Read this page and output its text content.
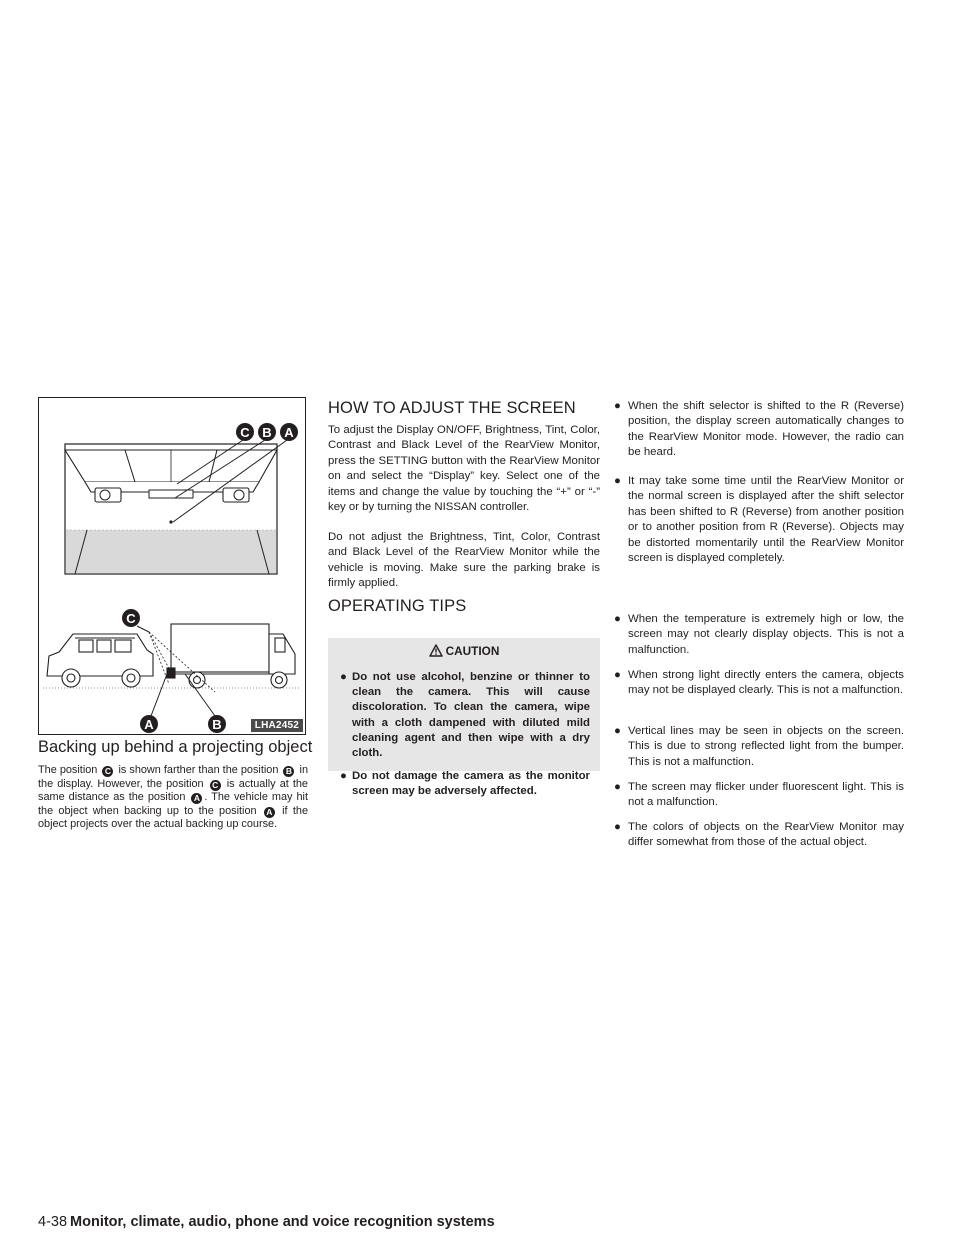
C B A
C
A	B	LHA2452
Backing up behind a projecting object
The position C is shown farther than the position B in the display. However, the position C is actually at the same distance as the position A . The vehicle may hit the object when backing up to the position A if the object projects over the actual backing up course.
HOW TO ADJUST THE SCREEN

To adjust the Display ON/OFF, Brightness, Tint, Color, Contrast and Black Level of the RearView Monitor, press the SETTING button with the RearView Monitor on and select the “Display” key. Select one of the items and change the value by touching the “+” or “-” key or by turning the NISSAN controller.

Do not adjust the Brightness, Tint, Color, Contrast and Black Level of the RearView Monitor while the vehicle is moving. Make sure the parking brake is firmly applied.

OPERATING TIPS
CAUTION
● Do not use alcohol, benzine or thinner to clean the camera. This will cause discoloration. To clean the camera, wipe with a cloth dampened with diluted mild cleaning agent and then wipe with a dry cloth.
● Do not damage the camera as the monitor screen may be adversely affected.
● When the shift selector is shifted to the R (Reverse) position, the display screen automatically changes to the RearView Monitor mode. However, the radio can be heard.
● It may take some time until the RearView Monitor or the normal screen is displayed after the shift selector has been shifted to R (Reverse) from another position or to another position from R (Reverse). Objects may be distorted momentarily until the RearView Monitor screen is displayed completely.
● When the temperature is extremely high or low, the screen may not clearly display objects. This is not a malfunction.
● When strong light directly enters the camera, objects may not be displayed clearly. This is not a malfunction.
● Vertical lines may be seen in objects on the screen. This is due to strong reflected light from the bumper. This is not a malfunction.
● The screen may flicker under fluorescent light. This is not a malfunction.
● The colors of objects on the RearView Monitor may differ somewhat from those of the actual object.
4-38 Monitor, climate, audio, phone and voice recognition systems
